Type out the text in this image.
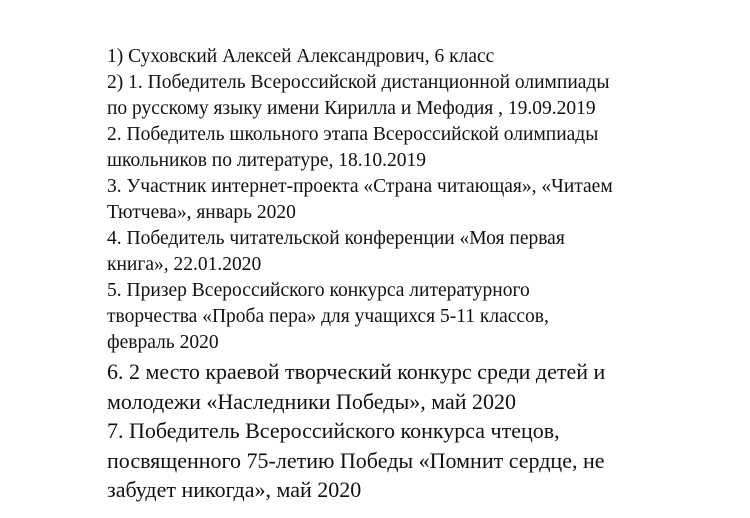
1) Суховский Алексей Александрович, 6 класс
2) 1. Победитель Всероссийской дистанционной олимпиады
по русскому языку имени Кирилла и Мефодия , 19.09.2019
2. Победитель школьного этапа Всероссийской олимпиады
школьников по литературе, 18.10.2019
3. Участник интернет-проекта «Страна читающая», «Читаем
Тютчева», январь 2020
4. Победитель читательской конференции «Моя первая
книга», 22.01.2020
5. Призер Всероссийского конкурса литературного
творчества «Проба пера» для учащихся 5-11 классов,
февраль 2020
6. 2 место краевой творческий конкурс среди детей и
молодежи «Наследники Победы», май 2020
7. Победитель Всероссийского конкурса чтецов,
посвященного 75-летию Победы «Помнит сердце, не
забудет никогда», май 2020
